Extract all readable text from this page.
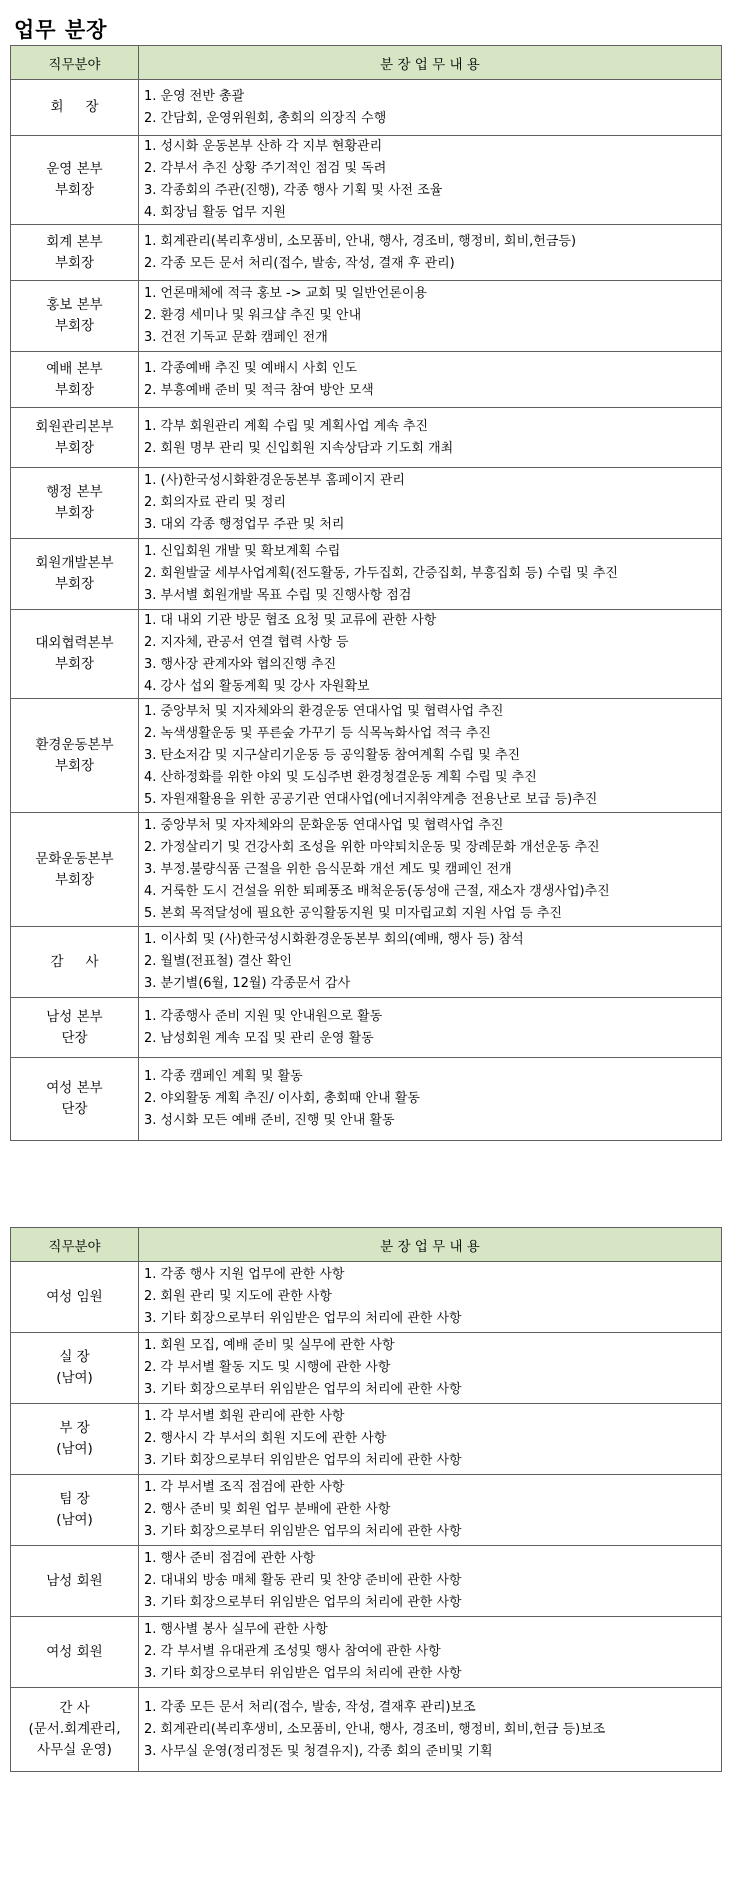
업무 분장
직무분야	분 장 업 무 내 용

회장	1. 운영 전반 총괄
2. 간담회, 운영위원회, 총회의 의장직 수행

운영 본부
부회장	1. 성시화 운동본부 산하 각 지부 현황관리
2. 각부서 추진 상황 주기적인 점검 및 독려
3. 각종회의 주관(진행), 각종 행사 기획 및 사전 조율
4. 회장님 활동 업무 지원

회계 본부
부회장	1. 회계관리(복리후생비, 소모품비, 안내, 행사, 경조비, 행정비, 회비,헌금등)
2. 각종 모든 문서 처리(접수, 발송, 작성, 결재 후 관리)

홍보 본부
부회장	1. 언론매체에 적극 홍보 -> 교회 및 일반언론이용
2. 환경 세미나 및 워크샵 추진 및 안내
3. 건전 기독교 문화 캠페인 전개

예배 본부
부회장	1. 각종예배 추진 및 예배시 사회 인도
2. 부흥예배 준비 및 적극 참여 방안 모색

회원관리본부
부회장	1. 각부 회원관리 계획 수립 및 계획사업 계속 추진
2. 회원 명부 관리 및 신입회원 지속상담과 기도회 개최

행정 본부
부회장	1. (사)한국성시화환경운동본부 홈페이지 관리
2. 회의자료 관리 및 정리
3. 대외 각종 행정업무 주관 및 처리

회원개발본부
부회장	1. 신입회원 개발 및 확보계획 수립
2. 회원발굴 세부사업계획(전도활동, 가두집회, 간증집회, 부흥집회 등) 수립 및 추진
3. 부서별 회원개발 목표 수립 및 진행사항 점검

대외협력본부
부회장	1. 대 내외 기관 방문 협조 요청 및 교류에 관한 사항
2. 지자체, 관공서 연결 협력 사항 등
3. 행사장 관계자와 협의진행 추진
4. 강사 섭외 활동계획 및 강사 자원확보

환경운동본부
부회장	1. 중앙부처 및 지자체와의 환경운동 연대사업 및 협력사업 추진
2. 녹색생활운동 및 푸른숲 가꾸기 등 식목녹화사업 적극 추진
3. 탄소저감 및 지구살리기운동 등 공익활동 참여계획 수립 및 추진
4. 산하정화를 위한 야외 및 도심주변 환경청결운동 계획 수립 및 추진
5. 자원재활용을 위한 공공기관 연대사업(에너지취약계층 전용난로 보급 등)추진

문화운동본부
부회장	1. 중앙부처 및 자자체와의 문화운동 연대사업 및 협력사업 추진
2. 가정살리기 및 건강사회 조성을 위한 마약퇴치운동 및 장례문화 개선운동 추진
3. 부정.불량식품 근절을 위한 음식문화 개선 계도 및 캠페인 전개
4. 거룩한 도시 건설을 위한 퇴폐풍조 배척운동(동성애 근절, 재소자 갱생사업)추진
5. 본회 목적달성에 필요한 공익활동지원 및 미자립교회 지원 사업 등 추진

감사	1. 이사회 및 (사)한국성시화환경운동본부 회의(예배, 행사 등) 참석
2. 월별(전표철) 결산 확인
3. 분기별(6월, 12월) 각종문서 감사

남성 본부
단장	1. 각종행사 준비 지원 및 안내원으로 활동
2. 남성회원 계속 모집 및 관리 운영 활동

여성 본부
단장	1. 각종 캠페인 계획 및 활동
2. 야외활동 계획 추진/ 이사회, 총회때 안내 활동
3. 성시화 모든 예배 준비, 진행 및 안내 활동
직무분야	분 장 업 무 내 용

여성 임원	1. 각종 행사 지원 업무에 관한 사항
2. 회원 관리 및 지도에 관한 사항
3. 기타 회장으로부터 위임받은 업무의 처리에 관한 사항

실 장
(남여)	1. 회원 모집, 예배 준비 및 실무에 관한 사항
2. 각 부서별 활동 지도 및 시행에 관한 사항
3. 기타 회장으로부터 위임받은 업무의 처리에 관한 사항

부 장
(남여)	1. 각 부서별 회원 관리에 관한 사항
2. 행사시 각 부서의 회원 지도에 관한 사항
3. 기타 회장으로부터 위임받은 업무의 처리에 관한 사항

팀 장
(남여)	1. 각 부서별 조직 점검에 관한 사항
2. 행사 준비 및 회원 업무 분배에 관한 사항
3. 기타 회장으로부터 위임받은 업무의 처리에 관한 사항

남성 회원	1. 행사 준비 점검에 관한 사항
2. 대내외 방송 매체 활동 관리 및 찬양 준비에 관한 사항
3. 기타 회장으로부터 위임받은 업무의 처리에 관한 사항

여성 회원	1. 행사별 봉사 실무에 관한 사항
2. 각 부서별 유대관계 조성및 행사 참여에 관한 사항
3. 기타 회장으로부터 위임받은 업무의 처리에 관한 사항

간 사
(문서.회계관리,
사무실 운영)	1. 각종 모든 문서 처리(접수, 발송, 작성, 결재후 관리)보조
2. 회계관리(복리후생비, 소모품비, 안내, 행사, 경조비, 행정비, 회비,헌금 등)보조
3. 사무실 운영(정리정돈 및 청결유지), 각종 회의 준비및 기획
